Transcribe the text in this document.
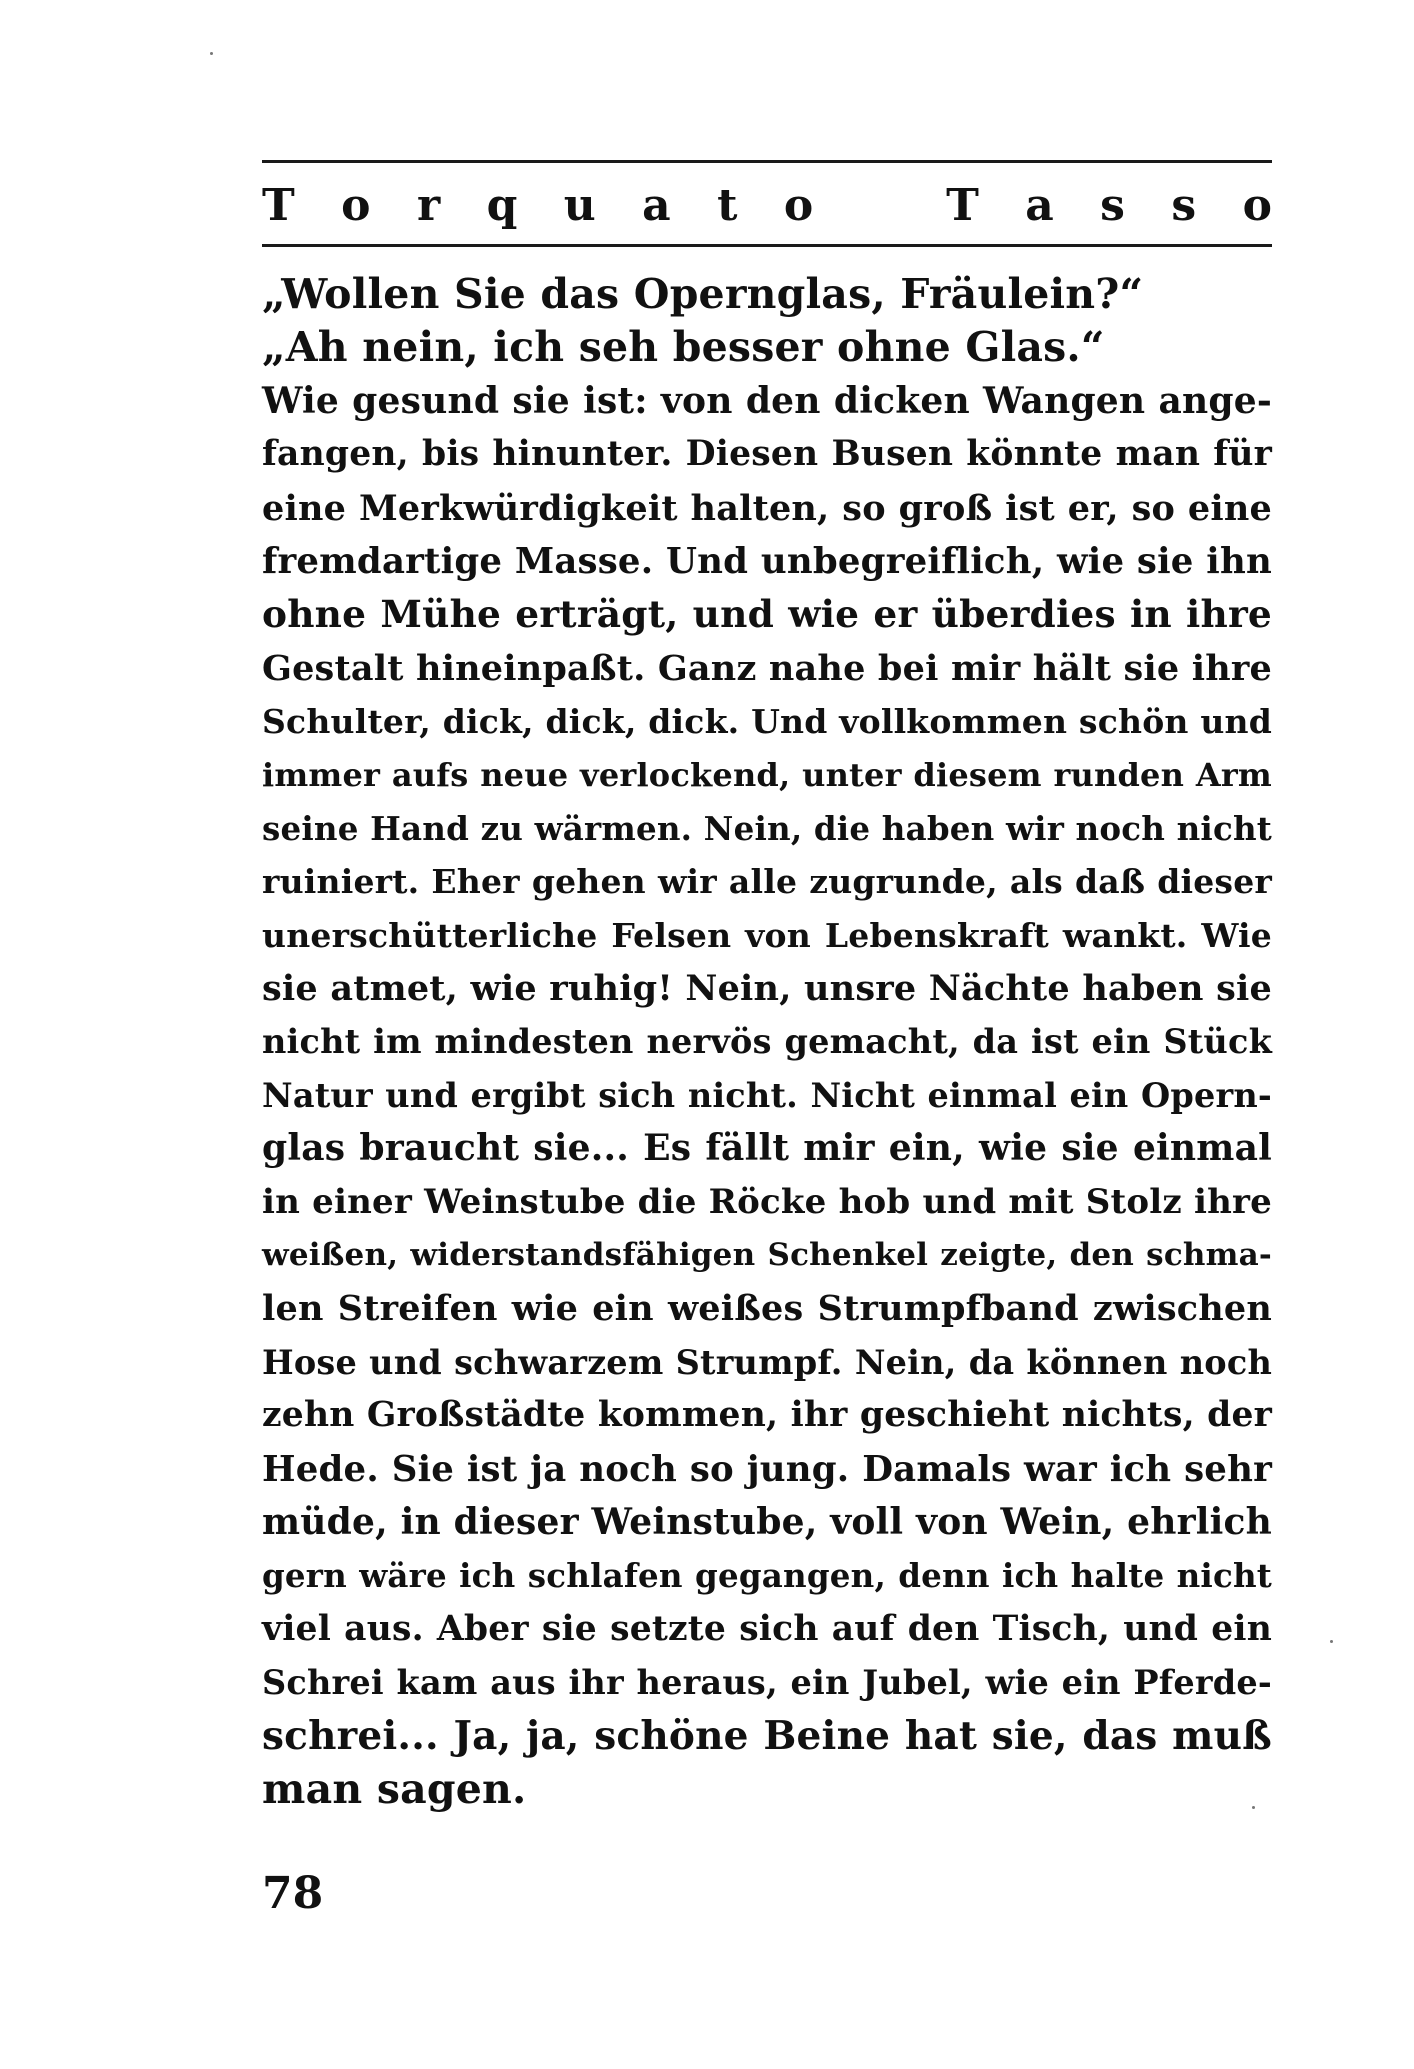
T o r q u a t o	T a s s o
„Wollen Sie das Opernglas, Fräulein?“
„Ah nein, ich seh besser ohne Glas.“
Wie gesund sie ist: von den dicken Wangen ange-
fangen, bis hinunter. Diesen Busen könnte man für
eine Merkwürdigkeit halten, so groß ist er, so eine
fremdartige Masse. Und unbegreiflich, wie sie ihn
ohne Mühe erträgt, und wie er überdies in ihre
Gestalt hineinpaßt. Ganz nahe bei mir hält sie ihre
Schulter, dick, dick, dick. Und vollkommen schön und
immer aufs neue verlockend, unter diesem runden Arm
seine Hand zu wärmen. Nein, die haben wir noch nicht
ruiniert. Eher gehen wir alle zugrunde, als daß dieser
unerschütterliche Felsen von Lebenskraft wankt. Wie
sie atmet, wie ruhig! Nein, unsre Nächte haben sie
nicht im mindesten nervös gemacht, da ist ein Stück
Natur und ergibt sich nicht. Nicht einmal ein Opern-
glas braucht sie... Es fällt mir ein, wie sie einmal
in einer Weinstube die Röcke hob und mit Stolz ihre
weißen, widerstandsfähigen Schenkel zeigte, den schma-
len Streifen wie ein weißes Strumpfband zwischen
Hose und schwarzem Strumpf. Nein, da können noch
zehn Großstädte kommen, ihr geschieht nichts, der
Hede. Sie ist ja noch so jung. Damals war ich sehr
müde, in dieser Weinstube, voll von Wein, ehrlich
gern wäre ich schlafen gegangen, denn ich halte nicht
viel aus. Aber sie setzte sich auf den Tisch, und ein
Schrei kam aus ihr heraus, ein Jubel, wie ein Pferde-
schrei... Ja, ja, schöne Beine hat sie, das muß
man sagen.
78
